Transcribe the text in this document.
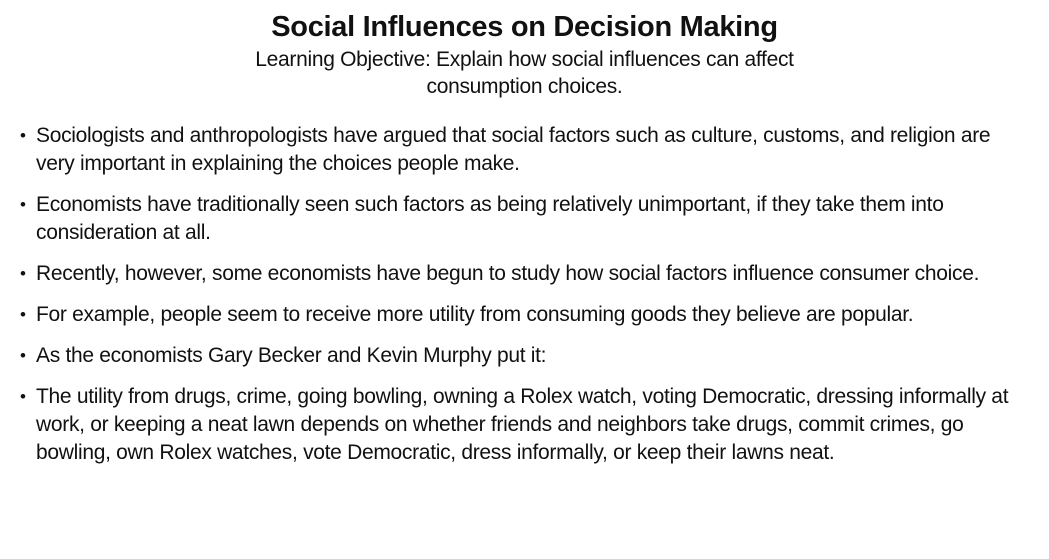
Social Influences on Decision Making
Learning Objective: Explain how social influences can affect
consumption choices.
• Sociologists and anthropologists have argued that social factors such as culture, customs, and religion are very important in explaining the choices people make.
• Economists have traditionally seen such factors as being relatively unimportant, if they take them into consideration at all.
• Recently, however, some economists have begun to study how social factors influence consumer choice.
• For example, people seem to receive more utility from consuming goods they believe are popular.
• As the economists Gary Becker and Kevin Murphy put it:
• The utility from drugs, crime, going bowling, owning a Rolex watch, voting Democratic, dressing informally at work, or keeping a neat lawn depends on whether friends and neighbors take drugs, commit crimes, go bowling, own Rolex watches, vote Democratic, dress informally, or keep their lawns neat.
